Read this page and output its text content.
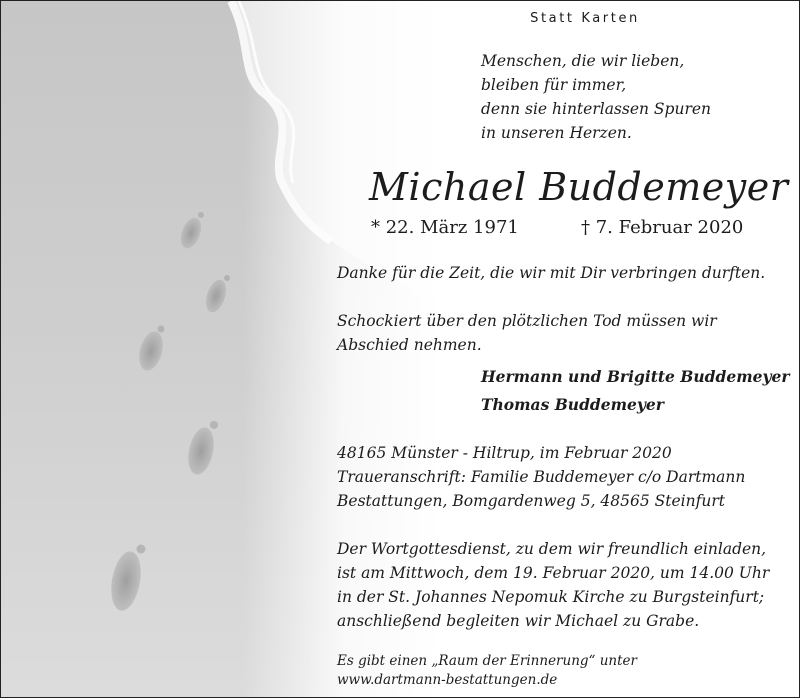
Statt Karten
Menschen, die wir lieben,
bleiben für immer,
denn sie hinterlassen Spuren
in unseren Herzen.
Michael Buddemeyer
* 22. März 1971	† 7. Februar 2020
Danke für die Zeit, die wir mit Dir verbringen durften.
Schockiert über den plötzlichen Tod müssen wir
Abschied nehmen.
Hermann und Brigitte Buddemeyer
Thomas Buddemeyer
48165 Münster - Hiltrup, im Februar 2020
Traueranschrift: Familie Buddemeyer c/o Dartmann
Bestattungen, Bomgardenweg 5, 48565 Steinfurt
Der Wortgottesdienst, zu dem wir freundlich einladen,
ist am Mittwoch, dem 19. Februar 2020, um 14.00 Uhr
in der St. Johannes Nepomuk Kirche zu Burgsteinfurt;
anschließend begleiten wir Michael zu Grabe.
Es gibt einen „Raum der Erinnerung“ unter
www.dartmann-bestattungen.de
